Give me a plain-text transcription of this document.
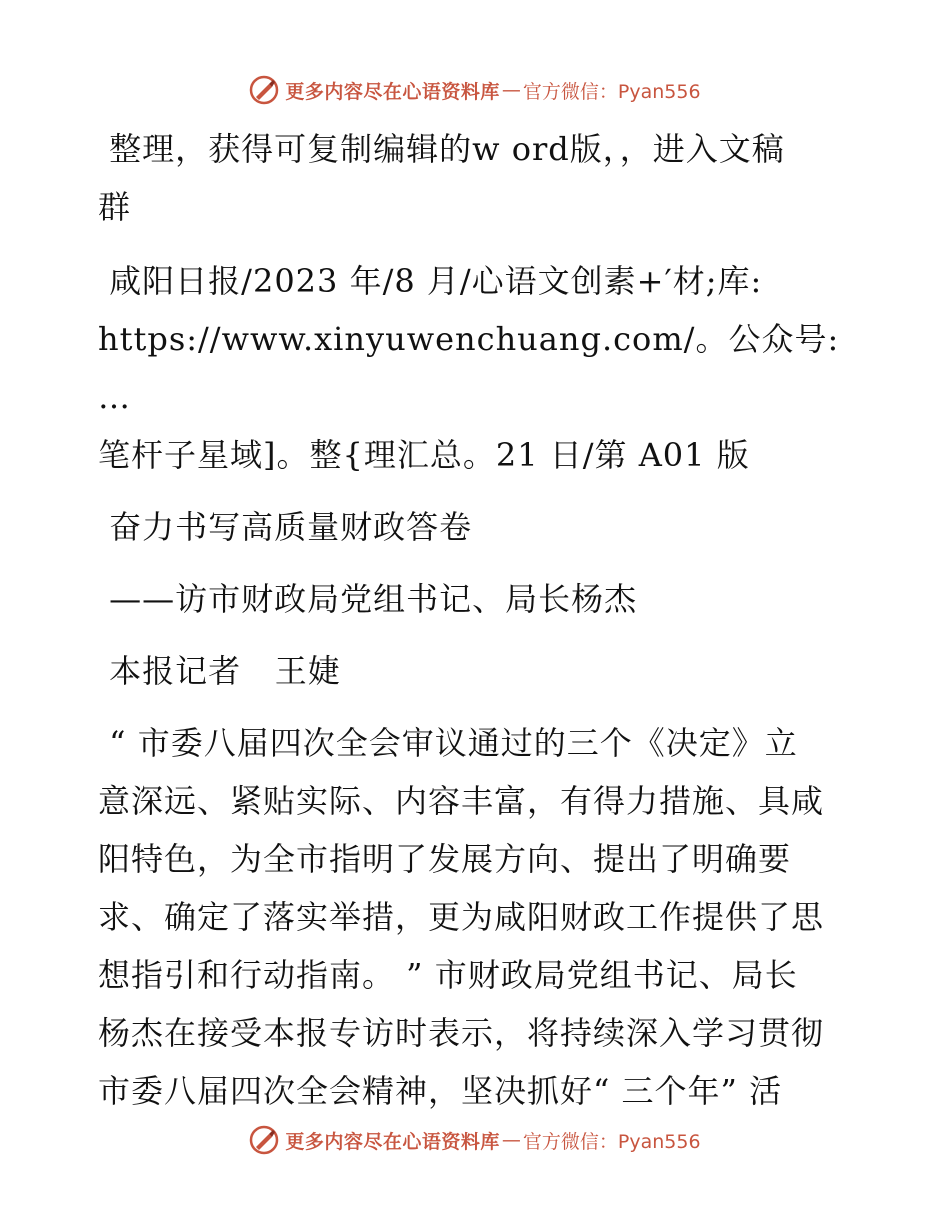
更多内容尽在心语资料库 — 官方微信：Pyan556

整理，获得可复制编辑的w ord版，，进入文稿

群

咸阳日报/2023 年/8 月/心语文创素+′材;库:

https://www.xinyuwenchuang.com/。公众号: …

笔杆子星域]。整{理汇总。21 日/第 A01 版

奋力书写高质量财政答卷

——访市财政局党组书记、局长杨杰

本报记者   王婕

“ 市委八届四次全会审议通过的三个《决定》立

意深远、紧贴实际、内容丰富，有得力措施、具咸

阳特色，为全市指明了发展方向、提出了明确要

求、确定了落实举措，更为咸阳财政工作提供了思

想指引和行动指南。 ” 市财政局党组书记、局长

杨杰在接受本报专访时表示，将持续深入学习贯彻

市委八届四次全会精神，坚决抓好“ 三个年” 活

更多内容尽在心语资料库 — 官方微信：Pyan556
